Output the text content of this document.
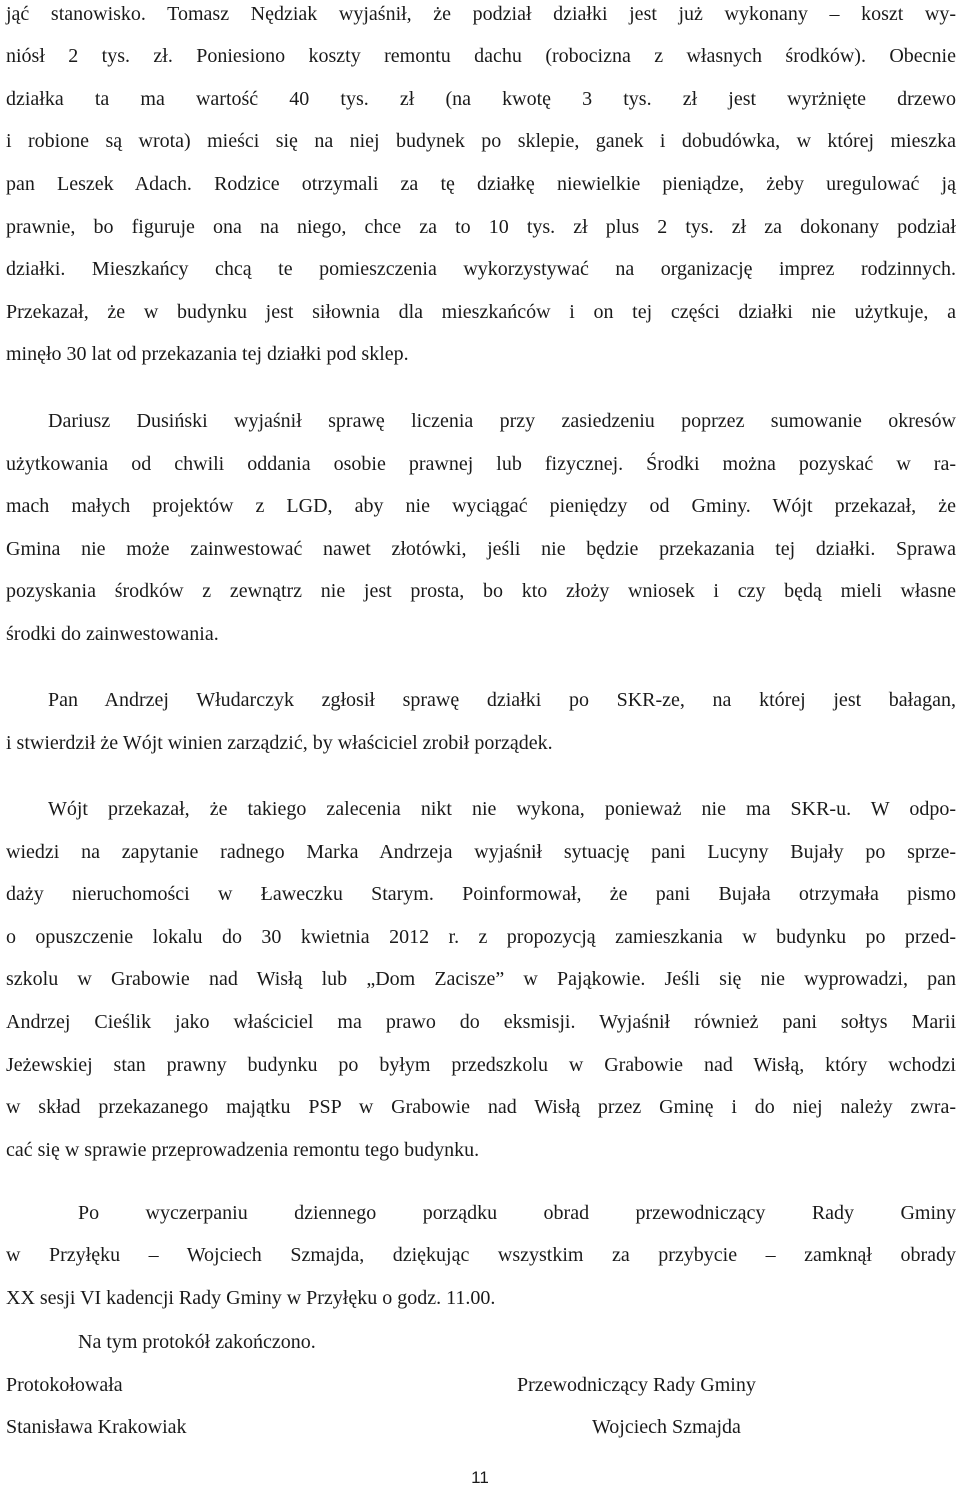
jąć stanowisko. Tomasz Nędziak wyjaśnił, że podział działki jest już wykonany – koszt wy-
niósł 2 tys. zł. Poniesiono koszty remontu dachu (robocizna z własnych środków). Obecnie
działka ta ma wartość 40 tys. zł (na kwotę 3 tys. zł jest wyrżnięte drzewo
i robione są wrota) mieści się na niej budynek po sklepie, ganek i dobudówka, w której mieszka
pan Leszek Adach. Rodzice otrzymali za tę działkę niewielkie pieniądze, żeby uregulować ją
prawnie, bo figuruje ona na niego, chce za to 10 tys. zł plus 2 tys. zł za dokonany podział
działki. Mieszkańcy chcą te pomieszczenia wykorzystywać na organizację imprez rodzinnych.
Przekazał, że w budynku jest siłownia dla mieszkańców i on tej części działki nie użytkuje, a
minęło 30 lat od przekazania tej działki pod sklep.
Dariusz Dusiński wyjaśnił sprawę liczenia przy zasiedzeniu poprzez sumowanie okresów
użytkowania od chwili oddania osobie prawnej lub fizycznej. Środki można pozyskać w ra-
mach małych projektów z LGD, aby nie wyciągać pieniędzy od Gminy. Wójt przekazał, że
Gmina nie może zainwestować nawet złotówki, jeśli nie będzie przekazania tej działki. Sprawa
pozyskania środków z zewnątrz nie jest prosta, bo kto złoży wniosek i czy będą mieli własne
środki do zainwestowania.
Pan Andrzej Włudarczyk zgłosił sprawę działki po SKR-ze, na której jest bałagan,
i stwierdził że Wójt winien zarządzić, by właściciel zrobił porządek.
Wójt przekazał, że takiego zalecenia nikt nie wykona, ponieważ nie ma SKR-u. W odpo-
wiedzi na zapytanie radnego Marka Andrzeja wyjaśnił sytuację pani Lucyny Bujały po sprze-
daży nieruchomości w Ławeczku Starym. Poinformował, że pani Bujała otrzymała pismo
o opuszczenie lokalu do 30 kwietnia 2012 r. z propozycją zamieszkania w budynku po przed-
szkolu w Grabowie nad Wisłą lub „Dom Zacisze” w Pająkowie. Jeśli się nie wyprowadzi, pan
Andrzej Cieślik jako właściciel ma prawo do eksmisji. Wyjaśnił również pani sołtys Marii
Jeżewskiej stan prawny budynku po byłym przedszkolu w Grabowie nad Wisłą, który wchodzi
w skład przekazanego majątku PSP w Grabowie nad Wisłą przez Gminę i do niej należy zwra-
cać się w sprawie przeprowadzenia remontu tego budynku.
Po wyczerpaniu dziennego porządku obrad przewodniczący Rady Gminy
w Przyłęku – Wojciech Szmajda, dziękując wszystkim za przybycie – zamknął obrady
XX sesji VI kadencji Rady Gminy w Przyłęku o godz. 11.00.
Na tym protokół zakończono.
Protokołowała	Przewodniczący Rady Gminy
Stanisława Krakowiak	Wojciech Szmajda
11
